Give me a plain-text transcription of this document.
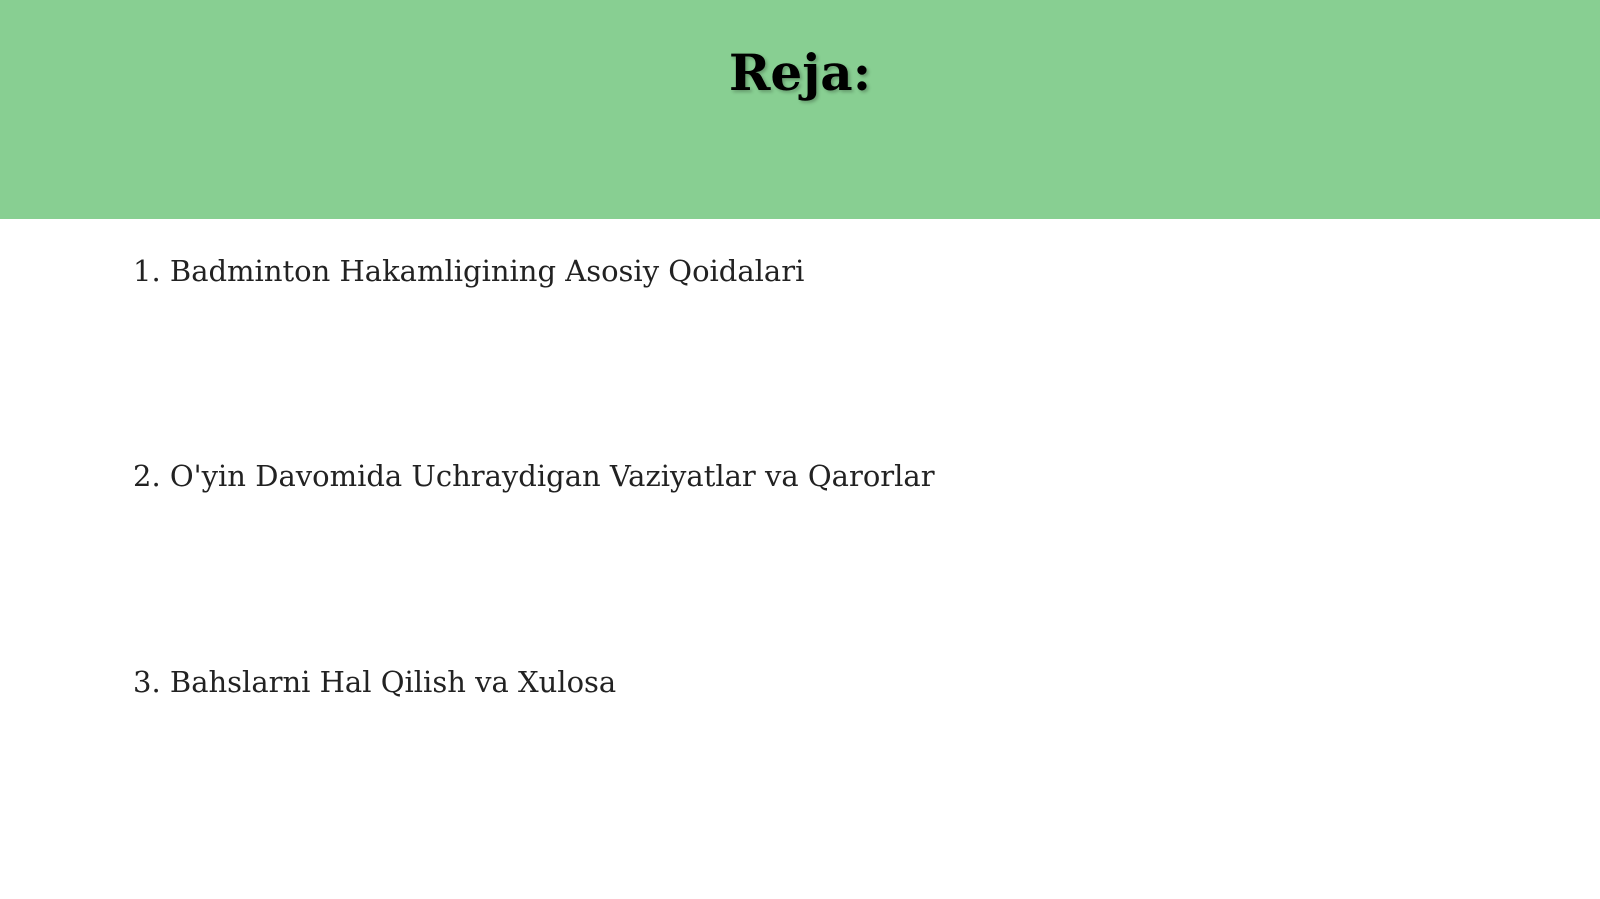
Reja:
1. Badminton Hakamligining Asosiy Qoidalari
2. O'yin Davomida Uchraydigan Vaziyatlar va Qarorlar
3. Bahslarni Hal Qilish va Xulosa
